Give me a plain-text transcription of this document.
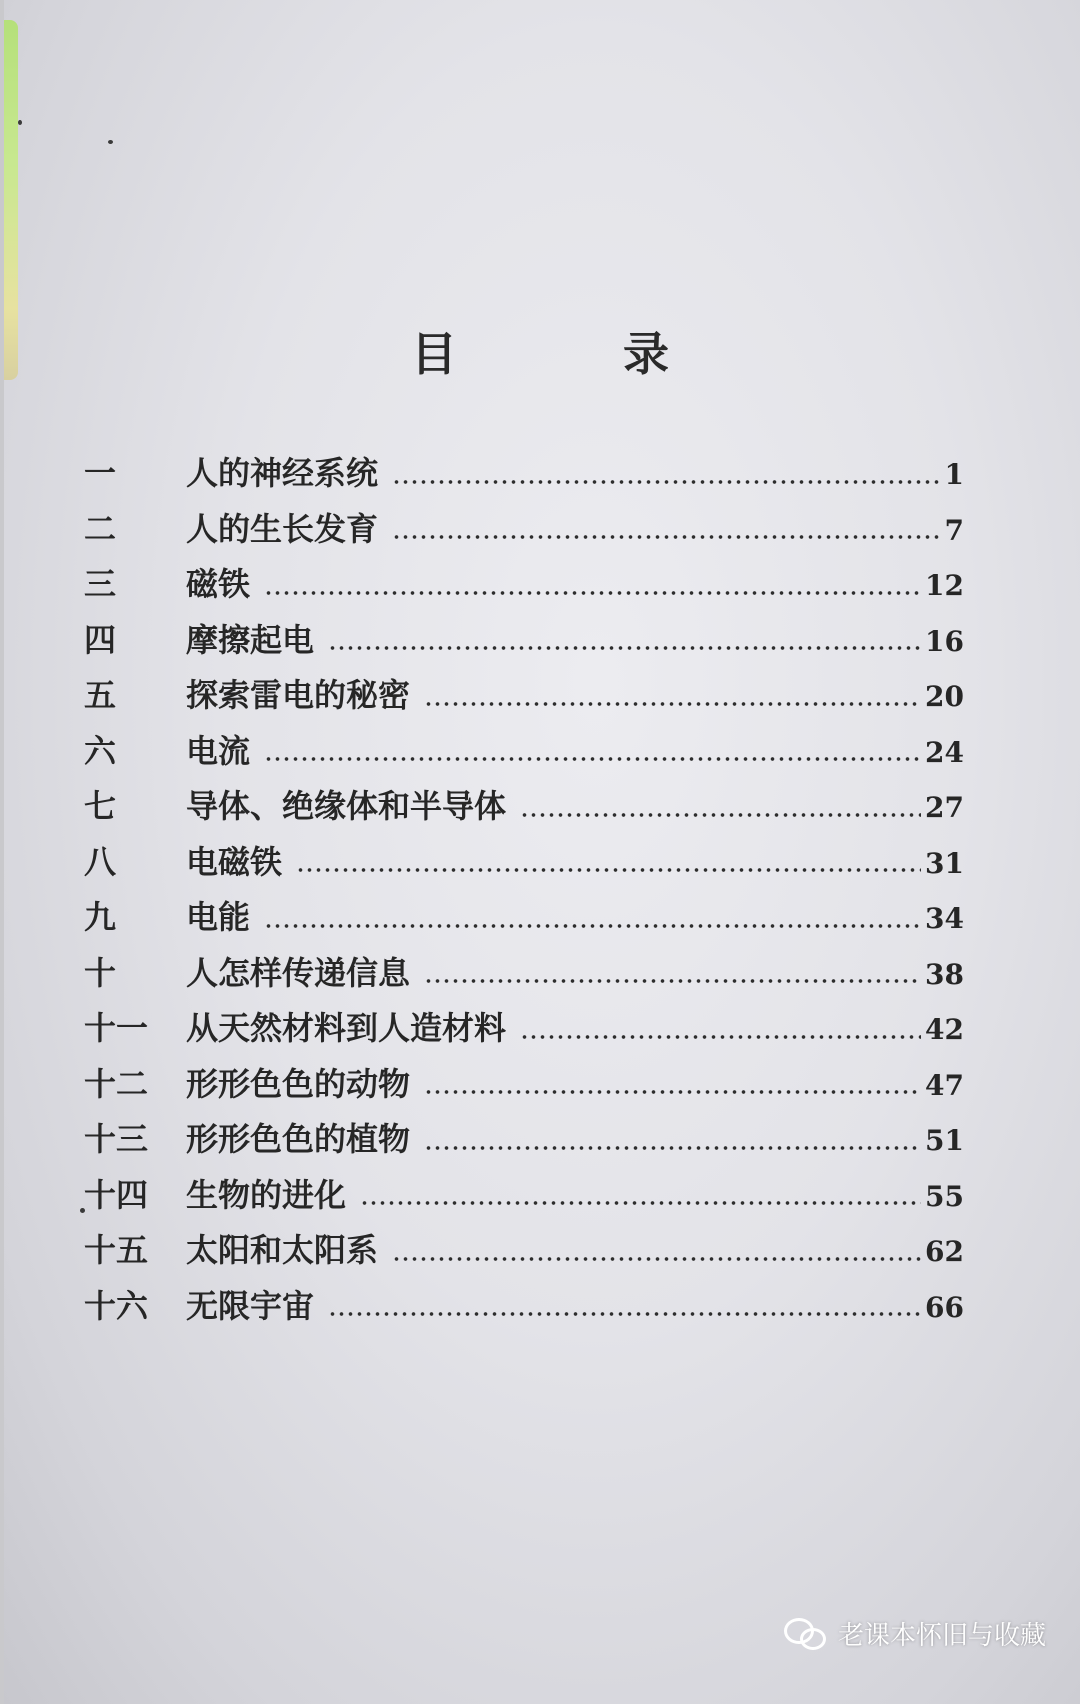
目　录
一	人的神经系统	1
二	人的生长发育	7
三	磁铁	12
四	摩擦起电	16
五	探索雷电的秘密	20
六	电流	24
七	导体、绝缘体和半导体	27
八	电磁铁	31
九	电能	34
十	人怎样传递信息	38
十一	从天然材料到人造材料	42
十二	形形色色的动物	47
十三	形形色色的植物	51
十四	生物的进化	55
十五	太阳和太阳系	62
十六	无限宇宙	66
老课本怀旧与收藏
